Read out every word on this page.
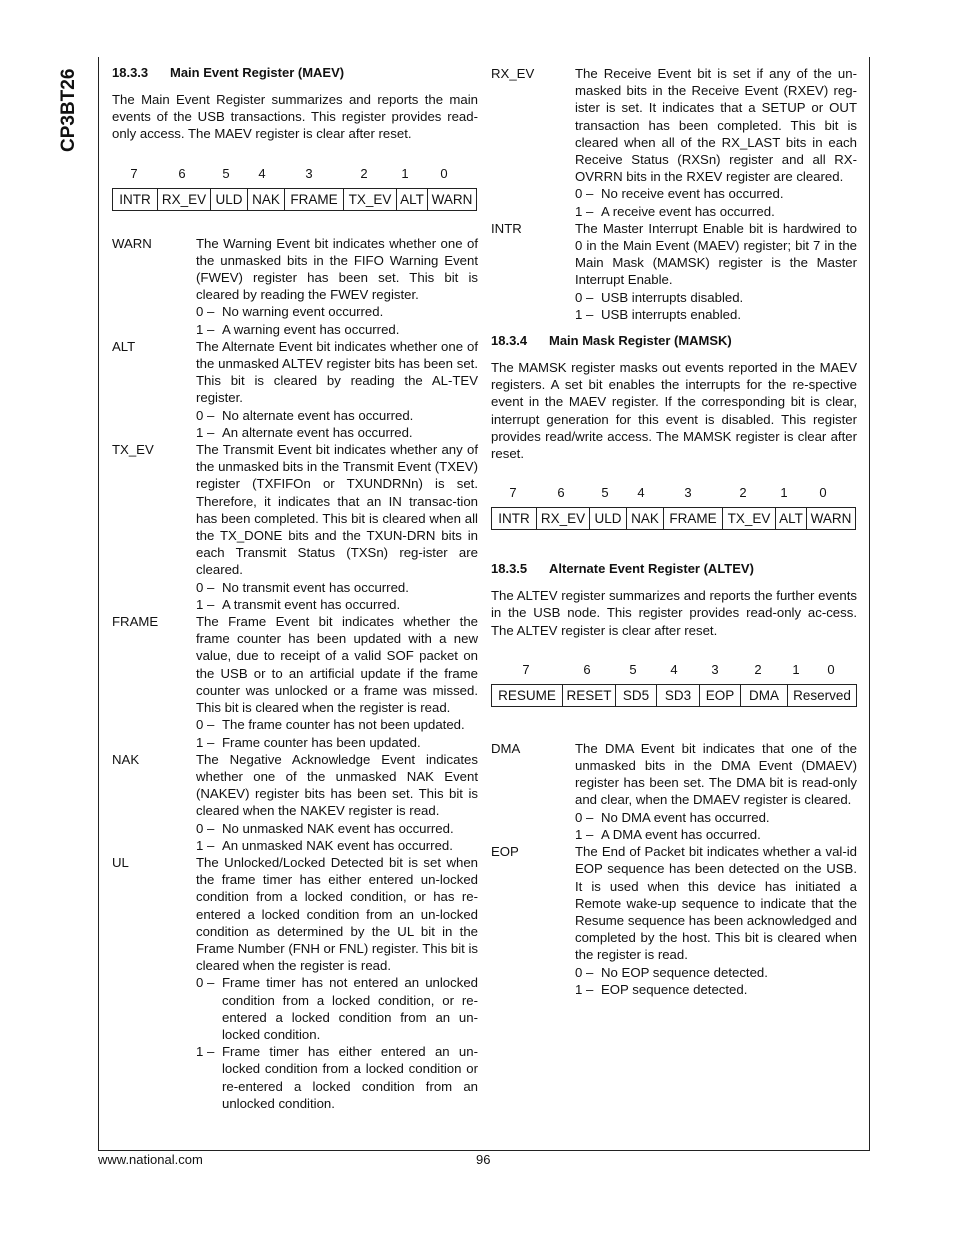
CP3BT26	18.3.3 Main Event Register (MAEV)

The Main Event Register summarizes and reports the main events of the USB transactions. This register provides read-only access. The MAEV register is clear after reset.

7	6	5	4	3	2	1	0
INTR	RX_EV	ULD	NAK	FRAME	TX_EV	ALT	WARN
WARN	The Warning Event bit indicates whether one of the unmasked bits in the FIFO Warning Event (FWEV) register has been set. This bit is cleared by reading the FWEV register.

0 – No warning event occurred.
1 – A warning event has occurred.
ALT	The Alternate Event bit indicates whether one of the unmasked ALTEV register bits has been set. This bit is cleared by reading the AL-TEV register.

0 – No alternate event has occurred.
1 – An alternate event has occurred.
TX_EV	The Transmit Event bit indicates whether any of the unmasked bits in the Transmit Event (TXEV) register (TXFIFOn or TXUNDRNn) is set. Therefore, it indicates that an IN transac-tion has been completed. This bit is cleared when all the TX_DONE bits and the TXUN-DRN bits in each Transmit Status (TXSn) reg-ister are cleared.

0 – No transmit event has occurred.
1 – A transmit event has occurred.
FRAME	The Frame Event bit indicates whether the frame counter has been updated with a new value, due to receipt of a valid SOF packet on the USB or to an artificial update if the frame counter was unlocked or a frame was missed. This bit is cleared when the register is read.

0 – The frame counter has not been updated.
1 – Frame counter has been updated.
NAK	The Negative Acknowledge Event indicates whether one of the unmasked NAK Event (NAKEV) register bits has been set. This bit is cleared when the NAKEV register is read.

0 – No unmasked NAK event has occurred.
1 – An unmasked NAK event has occurred.
UL	The Unlocked/Locked Detected bit is set when the frame timer has either entered un-locked condition from a locked condition, or has re-entered a locked condition from an un-locked condition as determined by the UL bit in the Frame Number (FNH or FNL) register. This bit is cleared when the register is read.

0 – Frame timer has not entered an unlocked condition from a locked condition, or re-entered a locked condition from an un-locked condition.
1 – Frame timer has either entered an un-locked condition from a locked condition or re-entered a locked condition from an unlocked condition.
RX_EV	The Receive Event bit is set if any of the un-masked bits in the Receive Event (RXEV) reg-ister is set. It indicates that a SETUP or OUT transaction has been completed. This bit is cleared when all of the RX_LAST bits in each Receive Status (RXSn) register and all RX-OVRRN bits in the RXEV register are cleared.

0 – No receive event has occurred.
1 – A receive event has occurred.
INTR	The Master Interrupt Enable bit is hardwired to 0 in the Main Event (MAEV) register; bit 7 in the Main Mask (MAMSK) register is the Master Interrupt Enable.

0 – USB interrupts disabled.
1 – USB interrupts enabled.
18.3.4 Main Mask Register (MAMSK)

The MAMSK register masks out events reported in the MAEV registers. A set bit enables the interrupts for the re-spective event in the MAEV register. If the corresponding bit is clear, interrupt generation for this event is disabled. This register provides read/write access. The MAMSK register is clear after reset.

7	6	5	4	3	2	1	0
INTR	RX_EV	ULD	NAK	FRAME	TX_EV	ALT	WARN
18.3.5 Alternate Event Register (ALTEV)

The ALTEV register summarizes and reports the further events in the USB node. This register provides read-only ac-cess. The ALTEV register is clear after reset.

7	6	5	4	3	2	1	0
RESUME	RESET	SD5	SD3	EOP	DMA	Reserved
DMA	The DMA Event bit indicates that one of the unmasked bits in the DMA Event (DMAEV) register has been set. The DMA bit is read-only and clear, when the DMAEV register is cleared.

0 – No DMA event has occurred.
1 – A DMA event has occurred.
EOP	The End of Packet bit indicates whether a val-id EOP sequence has been detected on the USB. It is used when this device has initiated a Remote wake-up sequence to indicate that the Resume sequence has been acknowledged and completed by the host. This bit is cleared when the register is read.

0 – No EOP sequence detected.
1 – EOP sequence detected.
www.national.com	96
